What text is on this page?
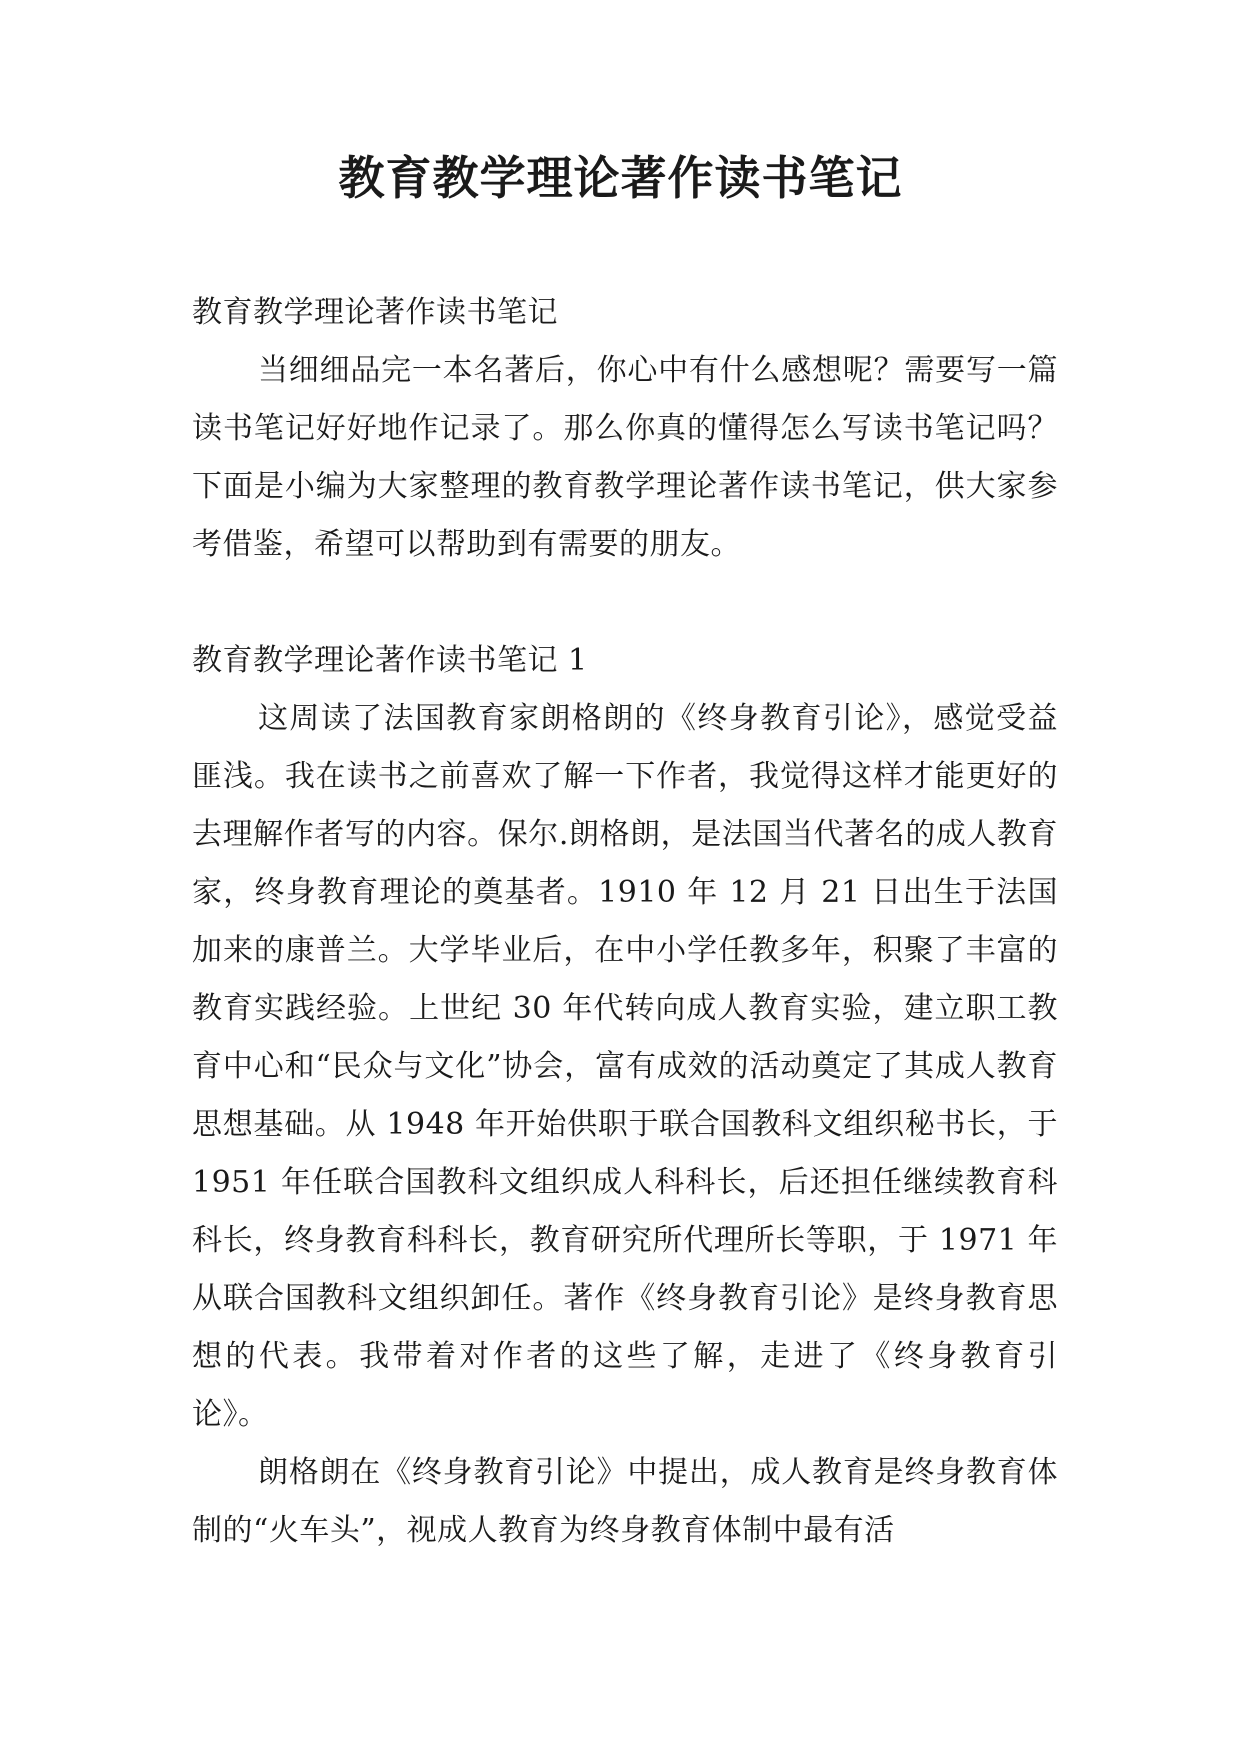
教育教学理论著作读书笔记
教育教学理论著作读书笔记

当细细品完一本名著后，你心中有什么感想呢？需要写一篇读书笔记好好地作记录了。那么你真的懂得怎么写读书笔记吗？下面是小编为大家整理的教育教学理论著作读书笔记，供大家参考借鉴，希望可以帮助到有需要的朋友。

教育教学理论著作读书笔记 1

这周读了法国教育家朗格朗的《终身教育引论》，感觉受益匪浅。我在读书之前喜欢了解一下作者，我觉得这样才能更好的去理解作者写的内容。保尔.朗格朗，是法国当代著名的成人教育家，终身教育理论的奠基者。1910 年 12 月 21 日出生于法国加来的康普兰。大学毕业后，在中小学任教多年，积聚了丰富的教育实践经验。上世纪 30 年代转向成人教育实验，建立职工教育中心和“民众与文化”协会，富有成效的活动奠定了其成人教育思想基础。从 1948 年开始供职于联合国教科文组织秘书长，于 1951 年任联合国教科文组织成人科科长，后还担任继续教育科科长，终身教育科科长，教育研究所代理所长等职，于 1971 年从联合国教科文组织卸任。著作《终身教育引论》是终身教育思想的代表。我带着对作者的这些了解，走进了《终身教育引论》。

朗格朗在《终身教育引论》中提出，成人教育是终身教育体制的“火车头”，视成人教育为终身教育体制中最有活
